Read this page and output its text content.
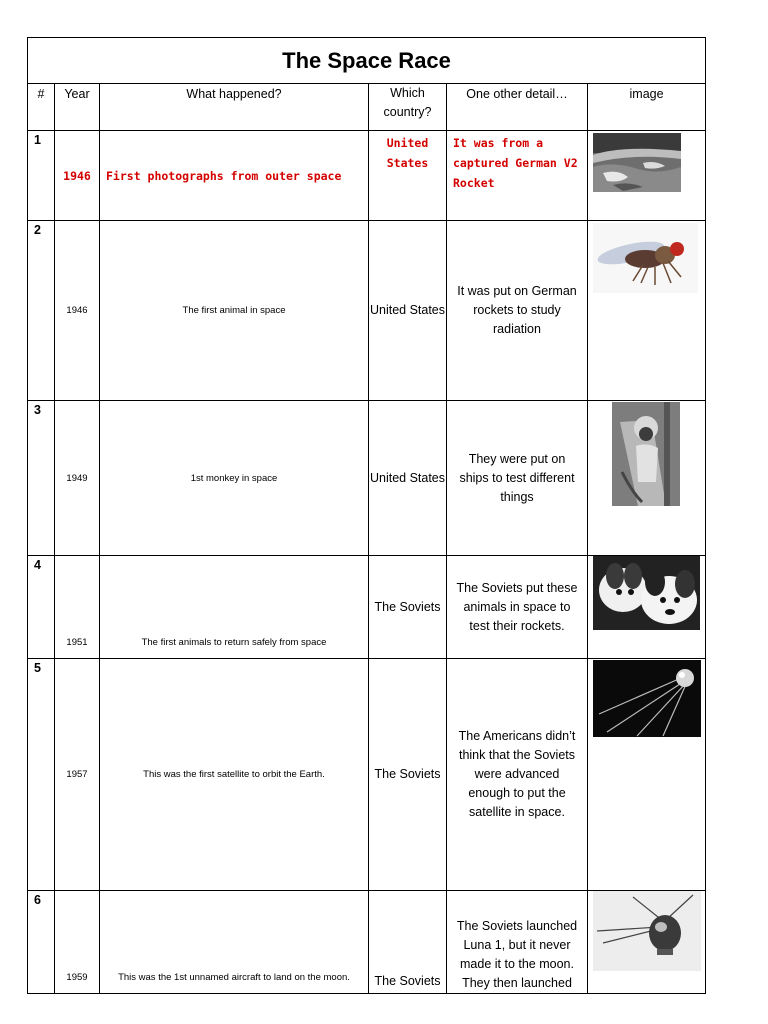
The Space Race					

#	Year	What happened?	Which country?	One other detail…	image

1	1946	First photographs from outer space	United States	It was from a captured German V2 Rocket	

2	1946	The first animal in space	United States	It was put on German rockets to study radiation	

3	1949	1st monkey in space	United States	They were put on ships to test different things	

4	1951	The first animals to return safely from space	The Soviets	The Soviets put these animals in space to test their rockets.	

5	1957	This was the first satellite to orbit the Earth.	The Soviets	The Americans didn’t think that the Soviets were advanced enough to put the satellite in space.	

6	1959	This was the 1st unnamed aircraft to land on the moon.	The Soviets	The Soviets launched Luna 1, but it never made it to the moon. They then launched	
